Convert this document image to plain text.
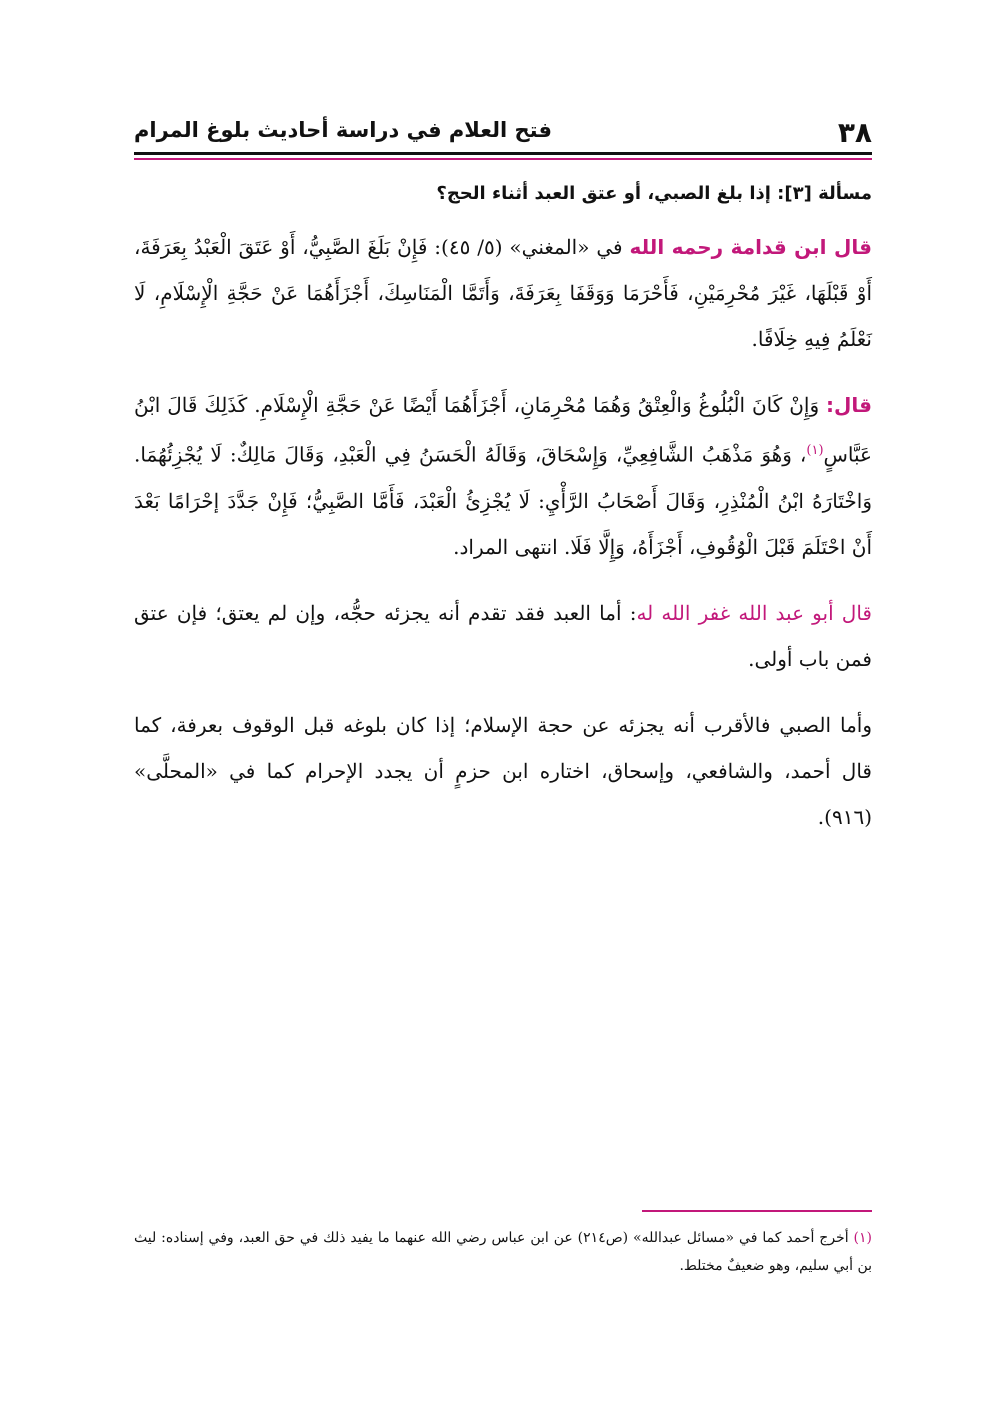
٣٨
فتح العلام في دراسة أحاديث بلوغ المرام
مسألة [٣]: إذا بلغ الصبي، أو عتق العبد أثناء الحج؟

قال ابن قدامة رحمه الله في «المغني» (٥/ ٤٥): فَإِنْ بَلَغَ الصَّبِيُّ، أَوْ عَتَقَ الْعَبْدُ بِعَرَفَةَ، أَوْ قَبْلَهَا، غَيْرَ مُحْرِمَيْنِ، فَأَحْرَمَا وَوَقَفَا بِعَرَفَةَ، وَأَتَمَّا الْمَنَاسِكَ، أَجْزَأَهُمَا عَنْ حَجَّةِ الْإِسْلَامِ، لَا نَعْلَمُ فِيهِ خِلَافًا.

قال: وَإِنْ كَانَ الْبُلُوغُ وَالْعِتْقُ وَهُمَا مُحْرِمَانِ، أَجْزَأَهُمَا أَيْضًا عَنْ حَجَّةِ الْإِسْلَامِ. كَذَلِكَ قَالَ ابْنُ عَبَّاسٍ$^{(١)}$، وَهُوَ مَذْهَبُ الشَّافِعِيِّ، وَإِسْحَاقَ، وَقَالَهُ الْحَسَنُ فِي الْعَبْدِ، وَقَالَ مَالِكٌ: لَا يُجْزِئُهُمَا. وَاخْتَارَهُ ابْنُ الْمُنْذِرِ، وَقَالَ أَصْحَابُ الرَّأْيِ: لَا يُجْزِئُ الْعَبْدَ، فَأَمَّا الصَّبِيُّ؛ فَإِنْ جَدَّدَ إحْرَامًا بَعْدَ أَنْ احْتَلَمَ قَبْلَ الْوُقُوفِ، أَجْزَأَهُ، وَإِلَّا فَلَا. انتهى المراد.

قال أبو عبد الله غفر الله له: أما العبد فقد تقدم أنه يجزئه حجُّه، وإن لم يعتق؛ فإن عتق فمن باب أولى.

وأما الصبي فالأقرب أنه يجزئه عن حجة الإسلام؛ إذا كان بلوغه قبل الوقوف بعرفة، كما قال أحمد، والشافعي، وإسحاق، اختاره ابن حزمٍ أن يجدد الإحرام كما في «المحلَّى» (٩١٦).

(١) أخرج أحمد كما في «مسائل عبدالله» (ص٢١٤) عن ابن عباس رضي الله عنهما ما يفيد ذلك في حق العبد، وفي إسناده: ليث بن أبي سليم، وهو ضعيفٌ مختلط.
